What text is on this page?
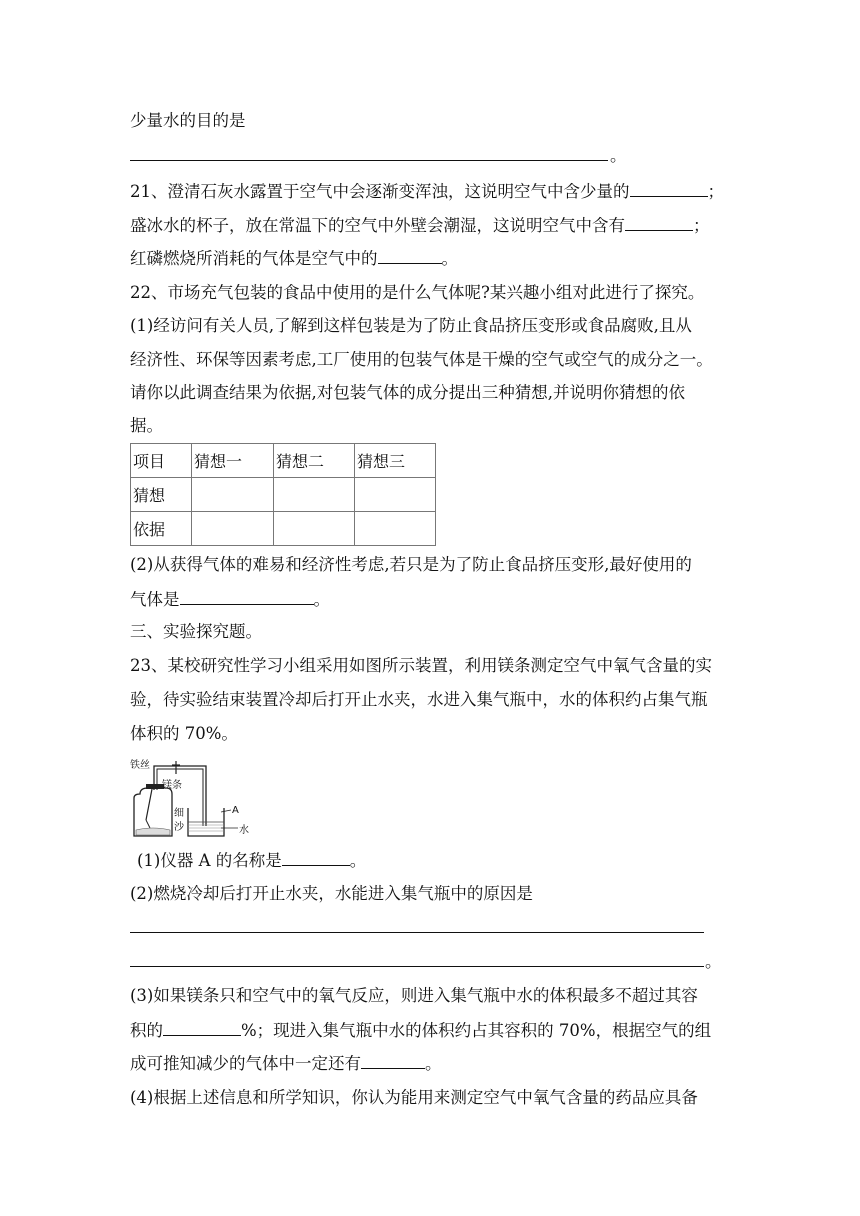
少量水的目的是
。
21、澄清石灰水露置于空气中会逐渐变浑浊，这说明空气中含少量的	；
盛冰水的杯子，放在常温下的空气中外壁会潮湿，这说明空气中含有	；
红磷燃烧所消耗的气体是空气中的	。
22、市场充气包装的食品中使用的是什么气体呢?某兴趣小组对此进行了探究。
(1)经访问有关人员,了解到这样包装是为了防止食品挤压变形或食品腐败,且从
经济性、环保等因素考虑,工厂使用的包装气体是干燥的空气或空气的成分之一。
请你以此调查结果为依据,对包装气体的成分提出三种猜想,并说明你猜想的依
据。
项目	猜想一	猜想二	猜想三
猜想			
依据			
(2)从获得气体的难易和经济性考虑,若只是为了防止食品挤压变形,最好使用的
气体是	。
三、实验探究题。
23、某校研究性学习小组采用如图所示装置，利用镁条测定空气中氧气含量的实
验，待实验结束装置冷却后打开止水夹，水进入集气瓶中，水的体积约占集气瓶
体积的 70%。
铁丝
镁条
细
沙
A
水
(1)仪器 A 的名称是	。
(2)燃烧冷却后打开止水夹，水能进入集气瓶中的原因是
。
(3)如果镁条只和空气中的氧气反应，则进入集气瓶中水的体积最多不超过其容
积的	%；现进入集气瓶中水的体积约占其容积的 70%，根据空气的组
成可推知减少的气体中一定还有	。
(4)根据上述信息和所学知识，你认为能用来测定空气中氧气含量的药品应具备
